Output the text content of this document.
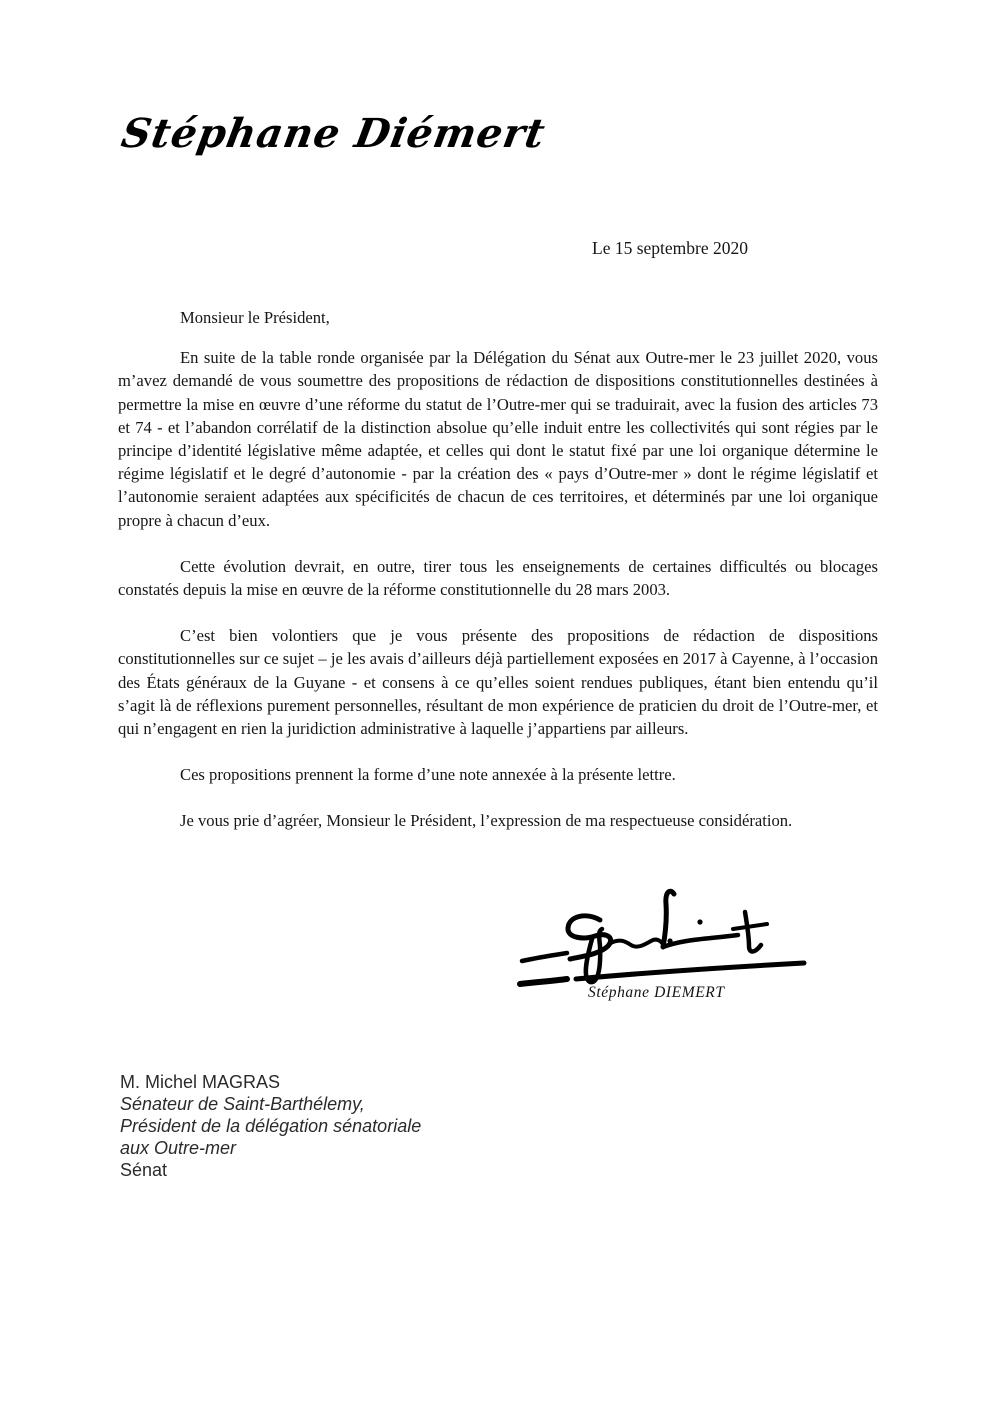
Stéphane Diémert
Le 15 septembre 2020

Monsieur le Président,

En suite de la table ronde organisée par la Délégation du Sénat aux Outre-mer le 23 juillet 2020, vous m’avez demandé de vous soumettre des propositions de rédaction de dispositions constitutionnelles destinées à permettre la mise en œuvre d’une réforme du statut de l’Outre-mer qui se traduirait, avec la fusion des articles 73 et 74 - et l’abandon corrélatif de la distinction absolue qu’elle induit entre les collectivités qui sont régies par le principe d’identité législative même adaptée, et celles qui dont le statut fixé par une loi organique détermine le régime législatif et le degré d’autonomie - par la création des « pays d’Outre-mer » dont le régime législatif et l’autonomie seraient adaptées aux spécificités de chacun de ces territoires, et déterminés par une loi organique propre à chacun d’eux.

Cette évolution devrait, en outre, tirer tous les enseignements de certaines difficultés ou blocages constatés depuis la mise en œuvre de la réforme constitutionnelle du 28 mars 2003.

C’est bien volontiers que je vous présente des propositions de rédaction de dispositions constitutionnelles sur ce sujet – je les avais d’ailleurs déjà partiellement exposées en 2017 à Cayenne, à l’occasion des États généraux de la Guyane - et consens à ce qu’elles soient rendues publiques, étant bien entendu qu’il s’agit là de réflexions purement personnelles, résultant de mon expérience de praticien du droit de l’Outre-mer, et qui n’engagent en rien la juridiction administrative à laquelle j’appartiens par ailleurs.

Ces propositions prennent la forme d’une note annexée à la présente lettre.

Je vous prie d’agréer, Monsieur le Président, l’expression de ma respectueuse considération.

Stéphane DIEMERT
M. Michel MAGRAS
Sénateur de Saint-Barthélemy,
Président de la délégation sénatoriale
aux Outre-mer
Sénat
